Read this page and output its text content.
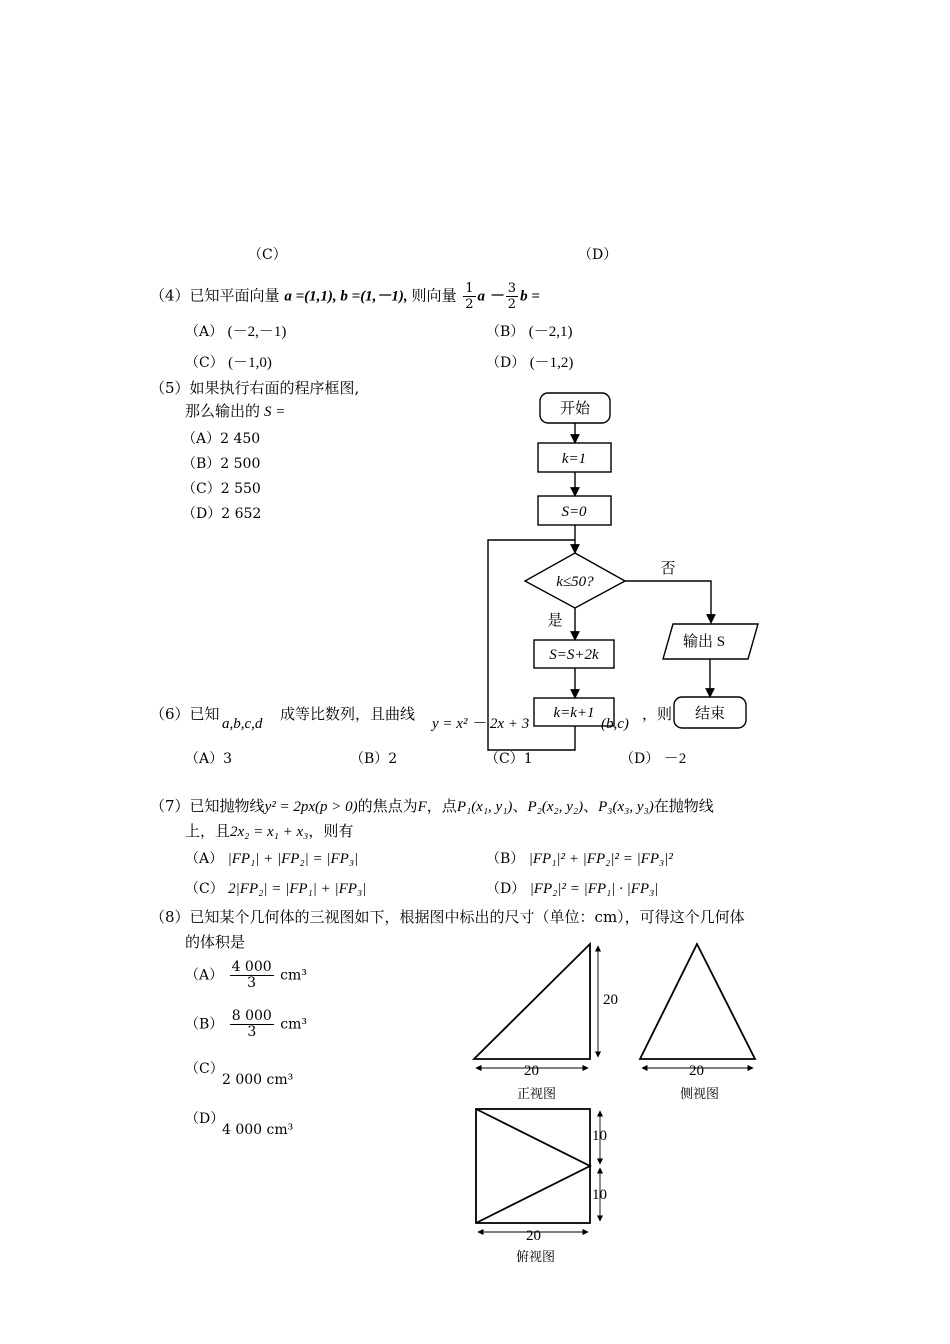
（C）	（D）
（4）已知平面向量 a =(1,1), b =(1,－1), 则向量 $\frac{1}{2}$ $a - \frac{3}{2}$ b =
（A） (－2,－1)	（B） (－2,1)
（C） (－1,0)	（D） (－1,2)
（5）如果执行右面的程序框图,
那么输出的 S =
（A）2 450
（B）2 500
（C）2 550
（D）2 652
（6）已知
a,b,c,d
成等比数列，且曲线
y = x² － 2x + 3	(b,c)
，则
（A）3	（B）2	（C）1	（D） －2
（7）已知抛物线y² = 2px(p > 0)的焦点为F，点P₁(x₁, y₁)、P₂(x₂, y₂)、P₃(x₃, y₃)在抛物线
上，且2x₂ = x₁ + x₃，则有
（A） |FP₁| + |FP₂| = |FP₃|	（B） |FP₁|² + |FP₂|² = |FP₃|²
（C） 2|FP₂| = |FP₁| + |FP₃|	（D） |FP₂|² = |FP₁| · |FP₃|
（8）已知某个几何体的三视图如下，根据图中标出的尺寸（单位：cm），可得这个几何体
的体积是
$(A) \frac{4 000}{3} cm^3$
$(B) \frac{8 000}{3} cm^3$
（C）
2 000 cm³
（D）
4 000 cm³
开始
k=1
S=0
k≤50?
否
是
S=S+2k
k=k+1
输出 S
结束
20
20
正视图
20
侧视图
10
10
20
俯视图
